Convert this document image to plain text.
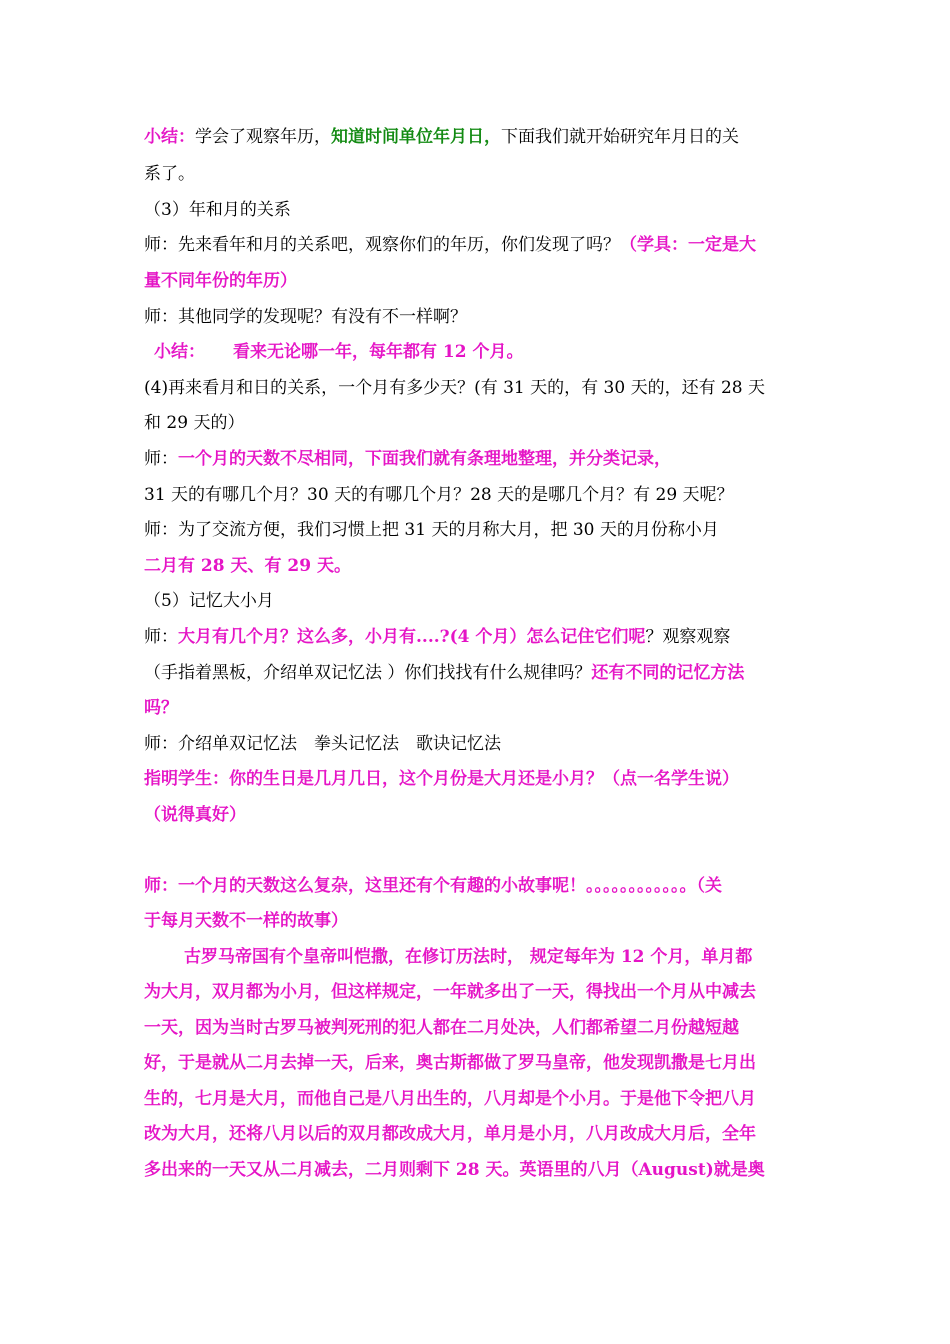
小结：学会了观察年历，知道时间单位年月日，下面我们就开始研究年月日的关
系了。
（3）年和月的关系
师：先来看年和月的关系吧，观察你们的年历，你们发现了吗？（学具：一定是大
量不同年份的年历）
师：其他同学的发现呢？有没有不一样啊？
小结： 看来无论哪一年，每年都有 12 个月。
(4)再来看月和日的关系，一个月有多少天？(有 31 天的，有 30 天的，还有 28 天
和 29 天的）
师：一个月的天数不尽相同，下面我们就有条理地整理，并分类记录，
31 天的有哪几个月？30 天的有哪几个月？28 天的是哪几个月？有 29 天呢？
师：为了交流方便，我们习惯上把 31 天的月称大月，把 30 天的月份称小月
二月有 28 天、有 29 天。
（5）记忆大小月
师：大月有几个月？这么多，小月有....?(4 个月）怎么记住它们呢？观察观察
（手指着黑板，介绍单双记忆法 ）你们找找有什么规律吗？还有不同的记忆方法
吗？
师：介绍单双记忆法　拳头记忆法　歌诀记忆法
指明学生：你的生日是几月几日，这个月份是大月还是小月？（点一名学生说）
（说得真好）
师：一个月的天数这么复杂，这里还有个有趣的小故事呢！。。。。。。。。。。。。（关
于每月天数不一样的故事）
古罗马帝国有个皇帝叫恺撒，在修订历法时， 规定每年为 12 个月，单月都
为大月，双月都为小月，但这样规定，一年就多出了一天，得找出一个月从中减去
一天，因为当时古罗马被判死刑的犯人都在二月处决，人们都希望二月份越短越
好，于是就从二月去掉一天，后来，奥古斯都做了罗马皇帝，他发现凯撒是七月出
生的，七月是大月，而他自己是八月出生的，八月却是个小月。于是他下令把八月
改为大月，还将八月以后的双月都改成大月，单月是小月，八月改成大月后，全年
多出来的一天又从二月减去，二月则剩下 28 天。英语里的八月（August)就是奥
